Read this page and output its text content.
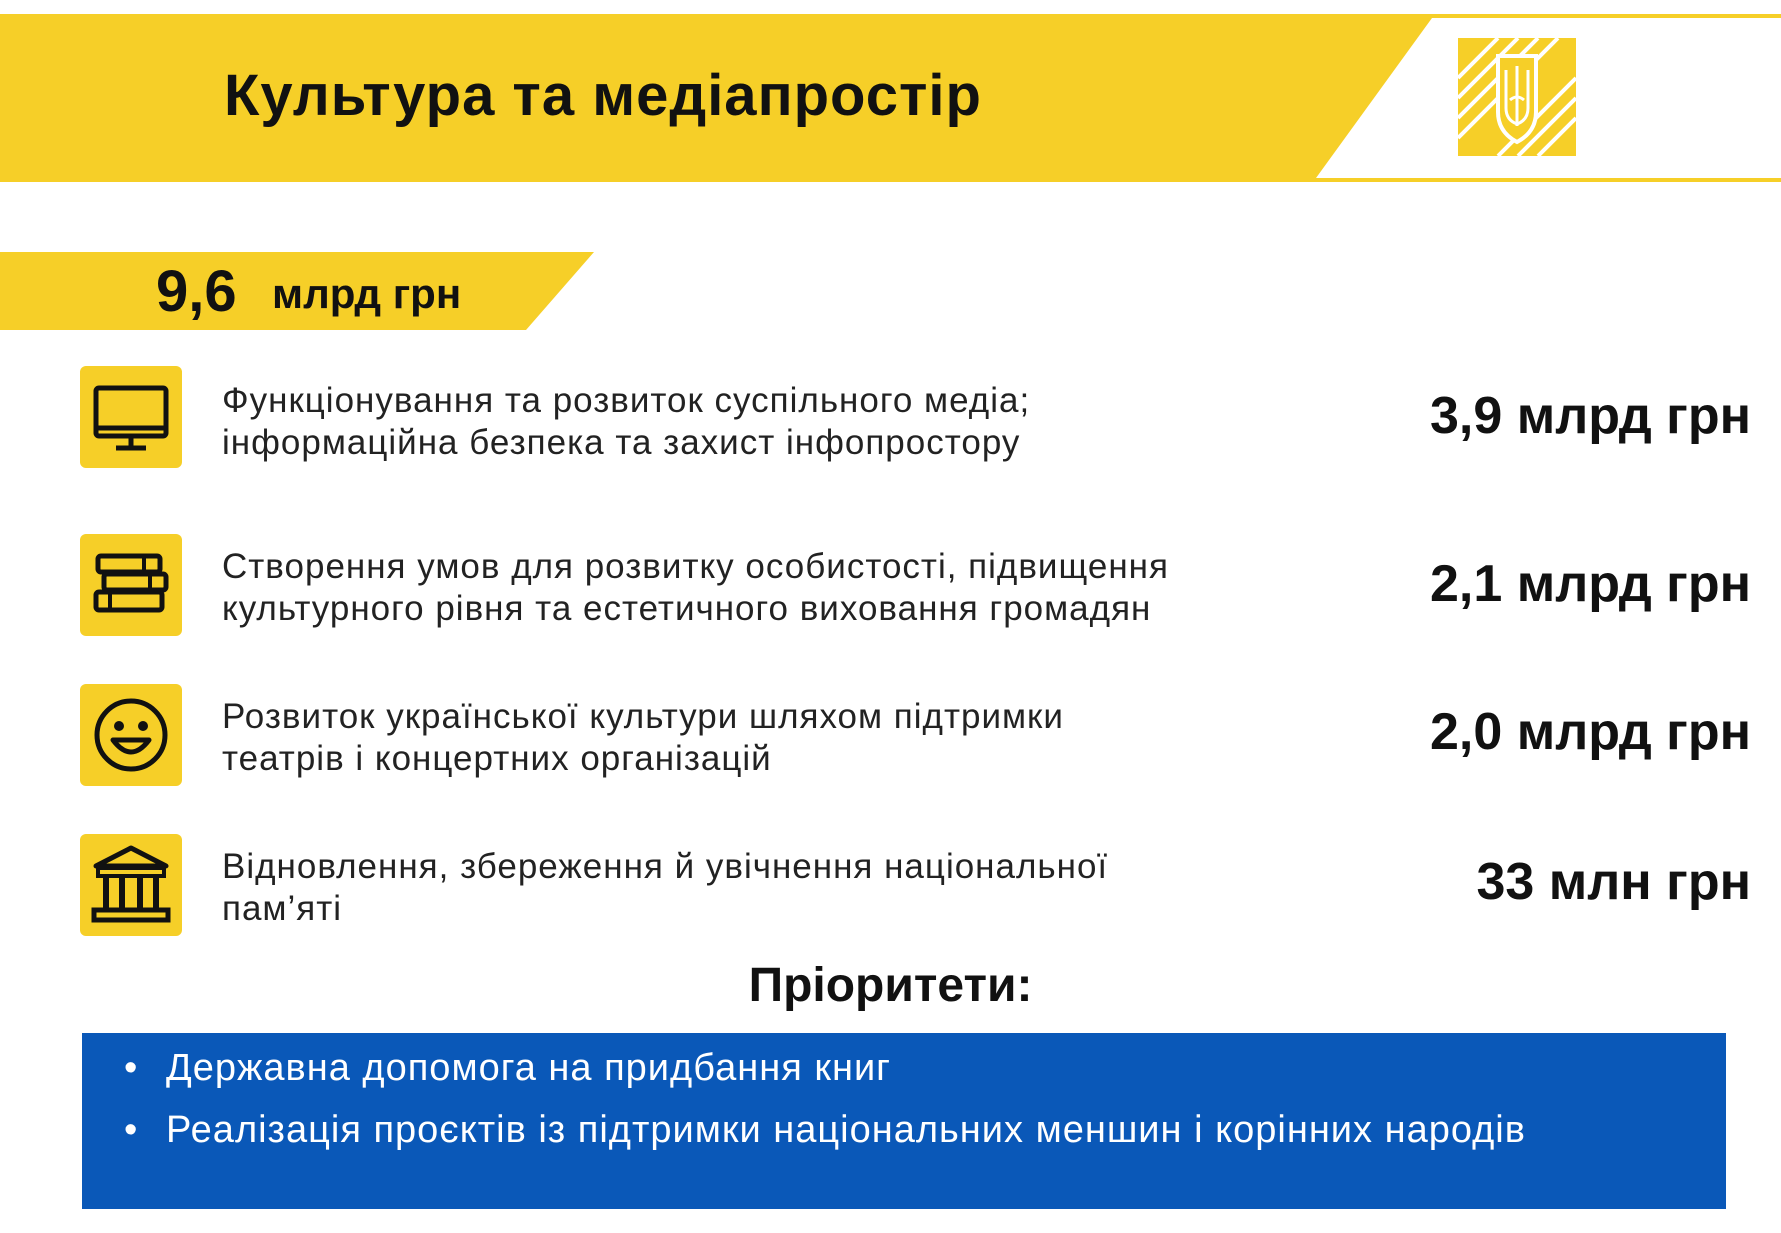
Культура та медіапростір
9,6 млрд грн
Функціонування та розвиток суспільного медіа;
інформаційна безпека та захист інфопростору	3,9 млрд грн
Створення умов для розвитку особистості, підвищення
культурного рівня та естетичного виховання громадян	2,1 млрд грн
Розвиток української культури шляхом підтримки
театрів і концертних організацій	2,0 млрд грн
Відновлення, збереження й увічнення національної
пам’яті	33 млн грн
Пріоритети:
• Державна допомога на придбання книг
• Реалізація проєктів із підтримки національних меншин і корінних народів
